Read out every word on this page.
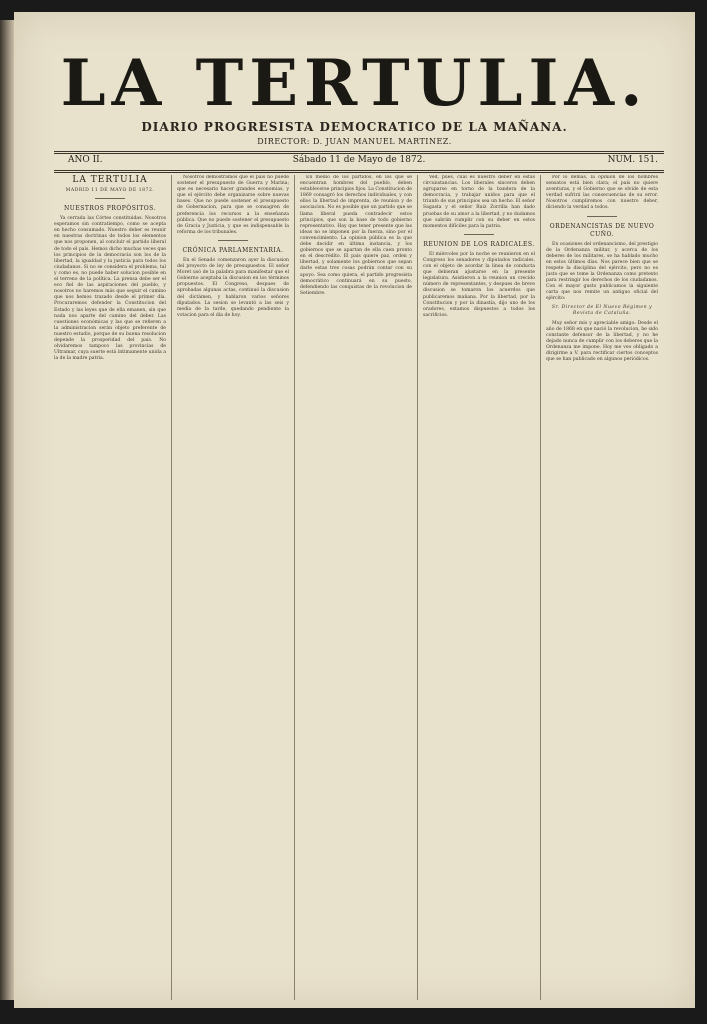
LA TERTULIA.
DIARIO PROGRESISTA DEMOCRATICO DE LA MAÑANA.
DIRECTOR: D. JUAN MANUEL MARTINEZ.
AÑO II.	Sábado 11 de Mayo de 1872.	NÚM. 151.

LA TERTULIA

MADRID 11 DE MAYO DE 1872.

NUESTROS PROPÓSITOS.

Ya cerrada las Córtes constituidas. Nosotros esperamos sin contratiempo, como se acepta en hecho consumado. Nuestro deber es reunir en nuestras doctrinas de todos los elementos que nos proponen, al concluir el partido liberal de todo el país. Hemos dicho muchas veces que los principios de la democracia son los de la libertad, la igualdad y la justicia para todos los ciudadanos. Si no se considera el problema, tal y como es, no puede haber solucion posible en el terreno de la política. La prensa debe ser el eco fiel de las aspiraciones del pueblo, y nosotros no haremos más que seguir el camino que nos hemos trazado desde el primer día. Procuraremos defender la Constitucion del Estado y las leyes que de ella emanen, sin que nada nos aparte del camino del deber. Las cuestiones económicas y las que se refieren a la administracion serán objeto preferente de nuestro estudio, porque de su buena resolucion depende la prosperidad del país. No olvidaremos tampoco las provincias de Ultramar, cuya suerte está íntimamente unida a la de la madre patria.

Nosotros demostramos que el país no puede sostener el presupuesto de Guerra y Marina; que es necesario hacer grandes economías, y que el ejército debe organizarse sobre nuevas bases. Que no puede sostener el presupuesto de Gobernacion, para que se consagren de preferencia los recursos a la enseñanza pública. Que no puede sostener el presupuesto de Gracia y Justicia, y que es indispensable la reforma de los tribunales.

CRÓNICA PARLAMENTARIA.

En el Senado comenzaron ayer la discusion del proyecto de ley de presupuestos. El señor Moret usó de la palabra para manifestar que el Gobierno aceptaba la discusion en los términos propuestos. El Congreso, despues de aprobadas algunas actas, continuó la discusion del dictámen, y hablaron varios señores diputados. La sesion se levantó a las seis y media de la tarde, quedando pendiente la votacion para el día de hoy.

En medio de los partidos, en los que se encuentran hombres del pueblo, deben establecerse principios fijos. La Constitucion de 1869 consagró los derechos individuales, y con ellos la libertad de imprenta, de reunion y de asociacion. No es posible que un partido que se llama liberal pueda contradecir estos principios, que son la base de todo gobierno representativo. Hay que tener presente que las ideas no se imponen por la fuerza, sino por el convencimiento. La opinion pública es la que debe decidir en última instancia, y los gobiernos que se apartan de ella caen pronto en el descrédito. El país quiere paz, orden y libertad, y solamente los gobiernos que sepan darle estas tres cosas podrán contar con su apoyo. Sea como quiera, el partido progresista democrático continuará en su puesto, defendiendo las conquistas de la revolucion de Setiembre.

Ved, pues, cual es nuestro deber en estas circunstancias. Los liberales sinceros deben agruparse en torno de la bandera de la democracia, y trabajar unidos para que el triunfo de sus principios sea un hecho. El señor Sagasta y el señor Ruiz Zorrilla han dado pruebas de su amor a la libertad, y no dudamos que sabrán cumplir con su deber en estos momentos difíciles para la patria.

REUNION DE LOS RADICALES.

El miércoles por la noche se reunieron en el Congreso los senadores y diputados radicales, con el objeto de acordar la línea de conducta que debieran ajustarse en la presente legislatura. Asistieron a la reunion un crecido número de representantes, y despues de breve discusion se tomaron los acuerdos que publicaremos mañana. Por la libertad, por la Constitucion y por la dinastía, dijo uno de los oradores, estamos dispuestos a todos los sacrificios.

Por lo demás, la opinion de los hombres sensatos está bien clara; el país no quiere aventuras, y el Gobierno que se olvide de esta verdad sufrirá las consecuencias de su error. Nosotros cumpliremos con nuestro deber, diciendo la verdad a todos.

ORDENANCISTAS DE NUEVO CUÑO.

En ocasiones del ordenancismo, del prestigio de la Ordenanza militar, y acerca de los deberes de los militares, se ha hablado mucho en estos últimos días. Nos parece bien que se respete la disciplina del ejército, pero no es justo que se tome la Ordenanza como pretexto para restringir los derechos de los ciudadanos. Con el mayor gusto publicamos la siguiente carta que nos remite un antiguo oficial del ejército:

Sr. Director de El Nuevo Régimen y Revista de Cataluña.

Muy señor mío y apreciable amigo: Desde el año de 1868 en que nació la revolucion, he sido constante defensor de la libertad, y no he dejado nunca de cumplir con los deberes que la Ordenanza me impone. Hoy me veo obligado a dirigirme a V. para rectificar ciertos conceptos que se han publicado en algunos periódicos.
